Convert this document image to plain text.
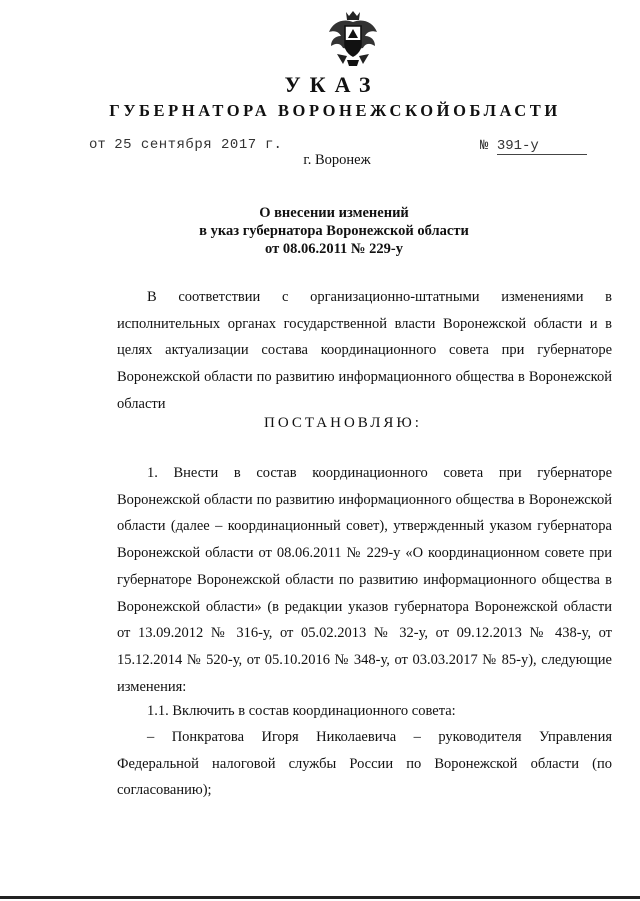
УКАЗ
ГУБЕРНАТОРА ВОРОНЕЖСКОЙОБЛАСТИ
от 25 сентября 2017 г.	№ 391-у
г. Воронеж
О внесении изменений
в указ губернатора Воронежской области
от 08.06.2011 № 229-у

В соответствии с организационно-штатными изменениями в исполнительных органах государственной власти Воронежской области и в целях актуализации состава координационного совета при губернаторе Воронежской области по развитию информационного общества в Воронежской области

ПОСТАНОВЛЯЮ:

1. Внести в состав координационного совета при губернаторе Воронежской области по развитию информационного общества в Воронежской области (далее – координационный совет), утвержденный указом губернатора Воронежской области от 08.06.2011 № 229-у «О координационном совете при губернаторе Воронежской области по развитию информационного общества в Воронежской области» (в редакции указов губернатора Воронежской области от 13.09.2012 № 316-у, от 05.02.2013 № 32-у, от 09.12.2013 № 438-у, от 15.12.2014 № 520-у, от 05.10.2016 № 348-у, от 03.03.2017 № 85-у), следующие изменения:

1.1. Включить в состав координационного совета:

– Понкратова Игоря Николаевича – руководителя Управления Федеральной налоговой службы России по Воронежской области (по согласованию);
